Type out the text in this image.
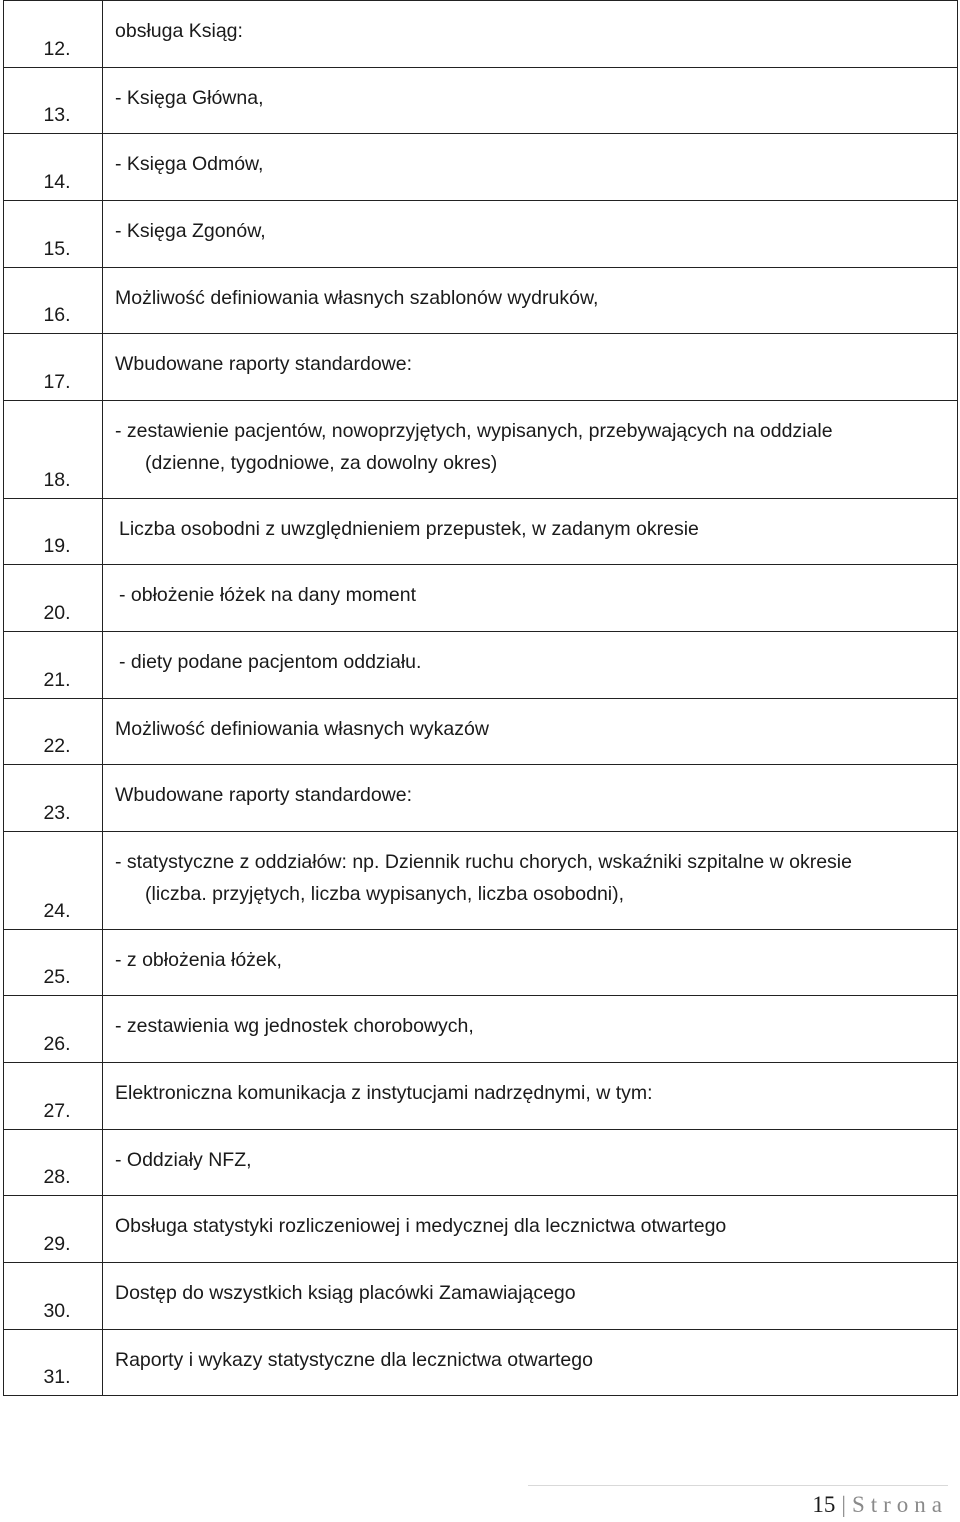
12.	obsługa Ksiąg:

13.	- Księga Główna,

14.	- Księga Odmów,

15.	- Księga Zgonów,

16.	Możliwość definiowania własnych szablonów wydruków,

17.	Wbudowane raporty standardowe:

18.	- zestawienie pacjentów, nowoprzyjętych, wypisanych, przebywających na oddziale
(dzienne, tygodniowe, za dowolny okres)

19.	Liczba osobodni z uwzględnieniem przepustek, w zadanym okresie

20.	- obłożenie łóżek na dany moment

21.	- diety podane pacjentom oddziału.

22.	Możliwość definiowania własnych wykazów

23.	Wbudowane raporty standardowe:

24.	- statystyczne z oddziałów: np. Dziennik ruchu chorych, wskaźniki szpitalne w okresie
(liczba. przyjętych, liczba wypisanych, liczba osobodni),

25.	- z obłożenia łóżek,

26.	- zestawienia wg jednostek chorobowych,

27.	Elektroniczna komunikacja z instytucjami nadrzędnymi, w tym:

28.	- Oddziały NFZ,

29.	Obsługa statystyki rozliczeniowej i medycznej dla lecznictwa otwartego

30.	Dostęp do wszystkich ksiąg placówki Zamawiającego

31.	Raporty i wykazy statystyczne dla lecznictwa otwartego
15 | Strona
